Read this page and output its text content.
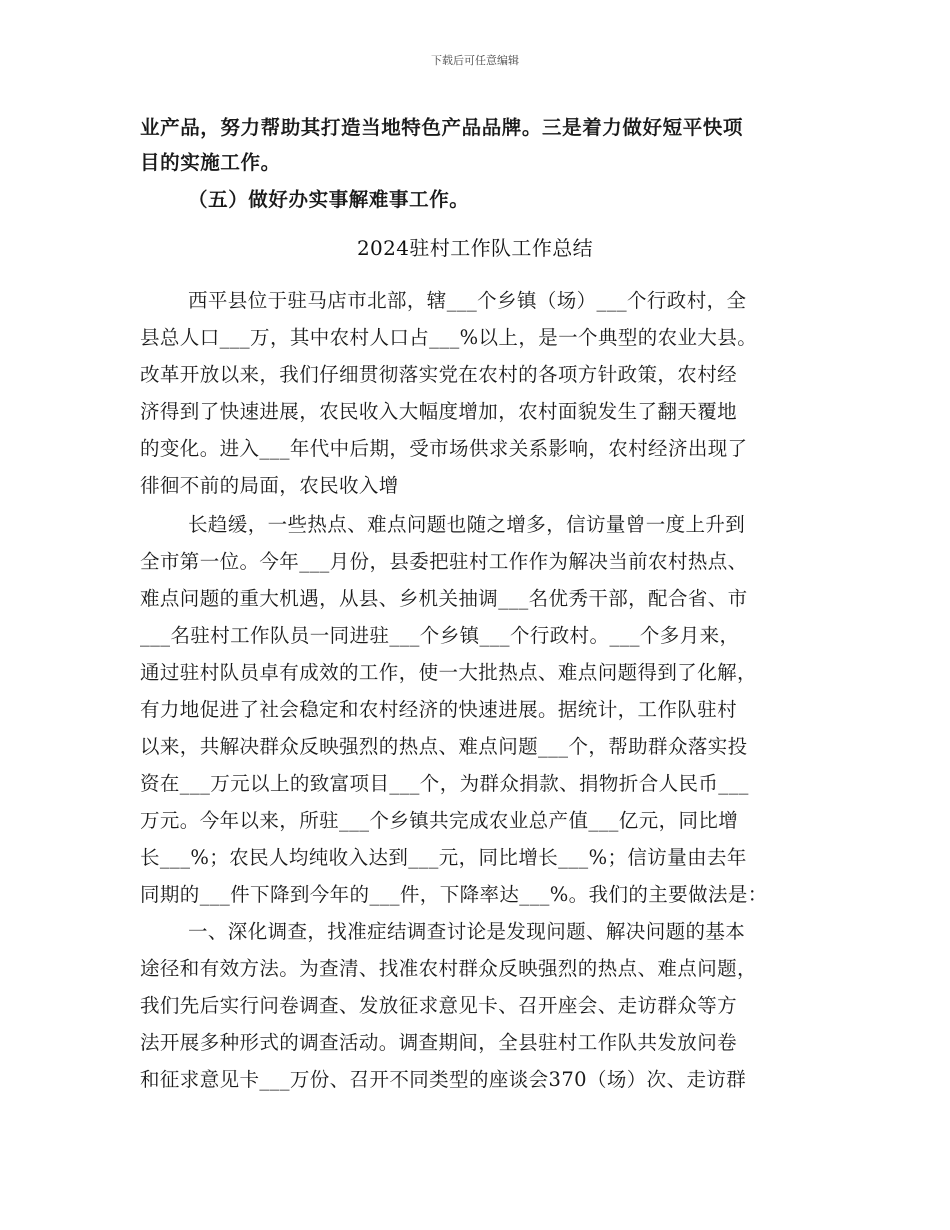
下载后可任意编辑
业产品，努力帮助其打造当地特色产品品牌。三是着力做好短平快项
目的实施工作。
（五）做好办实事解难事工作。
2024驻村工作队工作总结
西平县位于驻马店市北部，辖___个乡镇（场）___个行政村，全
县总人口___万，其中农村人口占___%以上，是一个典型的农业大县。
改革开放以来，我们仔细贯彻落实党在农村的各项方针政策，农村经
济得到了快速进展，农民收入大幅度增加，农村面貌发生了翻天覆地
的变化。进入___年代中后期，受市场供求关系影响，农村经济出现了
徘徊不前的局面，农民收入增
长趋缓，一些热点、难点问题也随之增多，信访量曾一度上升到
全市第一位。今年___月份，县委把驻村工作作为解决当前农村热点、
难点问题的重大机遇，从县、乡机关抽调___名优秀干部，配合省、市
___名驻村工作队员一同进驻___个乡镇___个行政村。___个多月来，
通过驻村队员卓有成效的工作，使一大批热点、难点问题得到了化解，
有力地促进了社会稳定和农村经济的快速进展。据统计，工作队驻村
以来，共解决群众反映强烈的热点、难点问题___个，帮助群众落实投
资在___万元以上的致富项目___个，为群众捐款、捐物折合人民币___
万元。今年以来，所驻___个乡镇共完成农业总产值___亿元，同比增
长___%；农民人均纯收入达到___元，同比增长___%；信访量由去年
同期的___件下降到今年的___件，下降率达___%。我们的主要做法是：
一、深化调查，找准症结调查讨论是发现问题、解决问题的基本
途径和有效方法。为查清、找准农村群众反映强烈的热点、难点问题，
我们先后实行问卷调查、发放征求意见卡、召开座会、走访群众等方
法开展多种形式的调查活动。调查期间，全县驻村工作队共发放问卷
和征求意见卡___万份、召开不同类型的座谈会370（场）次、走访群
